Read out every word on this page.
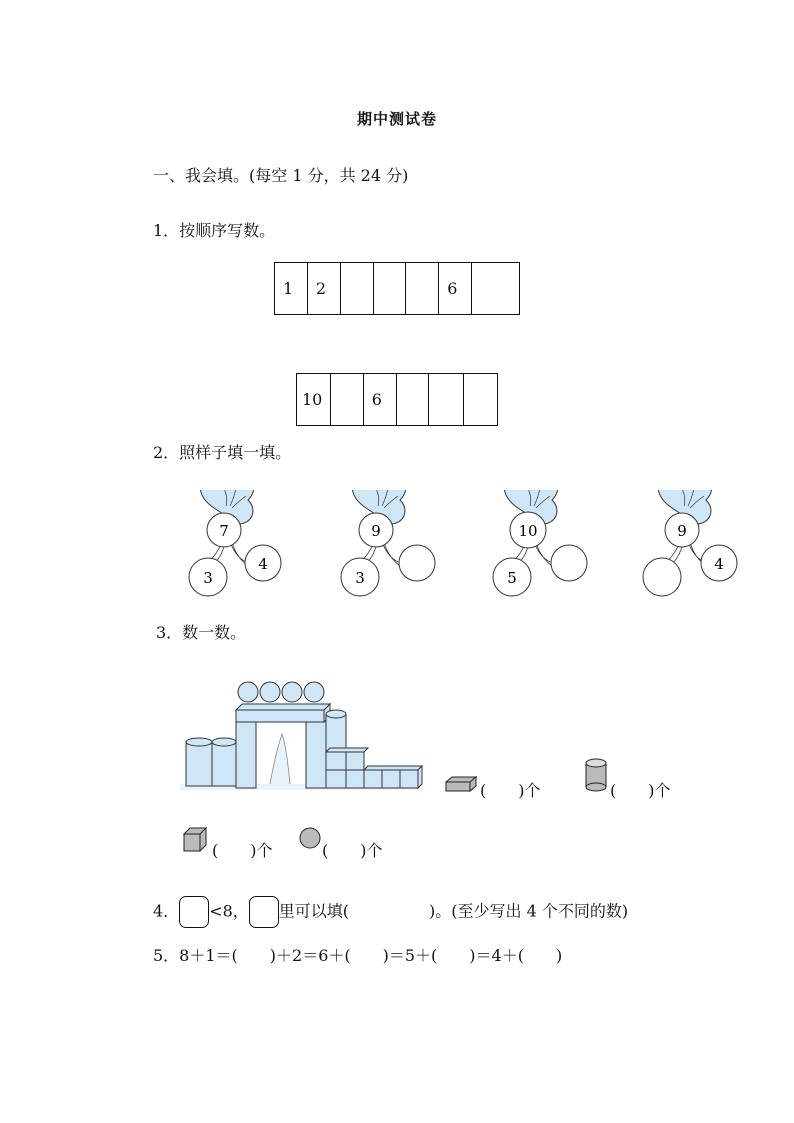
期中测试卷
一、我会填。(每空 1 分，共 24 分)
1．按顺序写数。
1	2				6	
10		6			
2．照样子填一填。
7
3
4
9
3
10
5
9
4
3．数一数。
(　　)个	(　　)个
(　　)个	(　　)个
4． <8， 里可以填(　　　　　)。(至少写出 4 个不同的数)
5．8＋1＝(　　)＋2＝6＋(　　)＝5＋(　　)＝4＋(　　)
